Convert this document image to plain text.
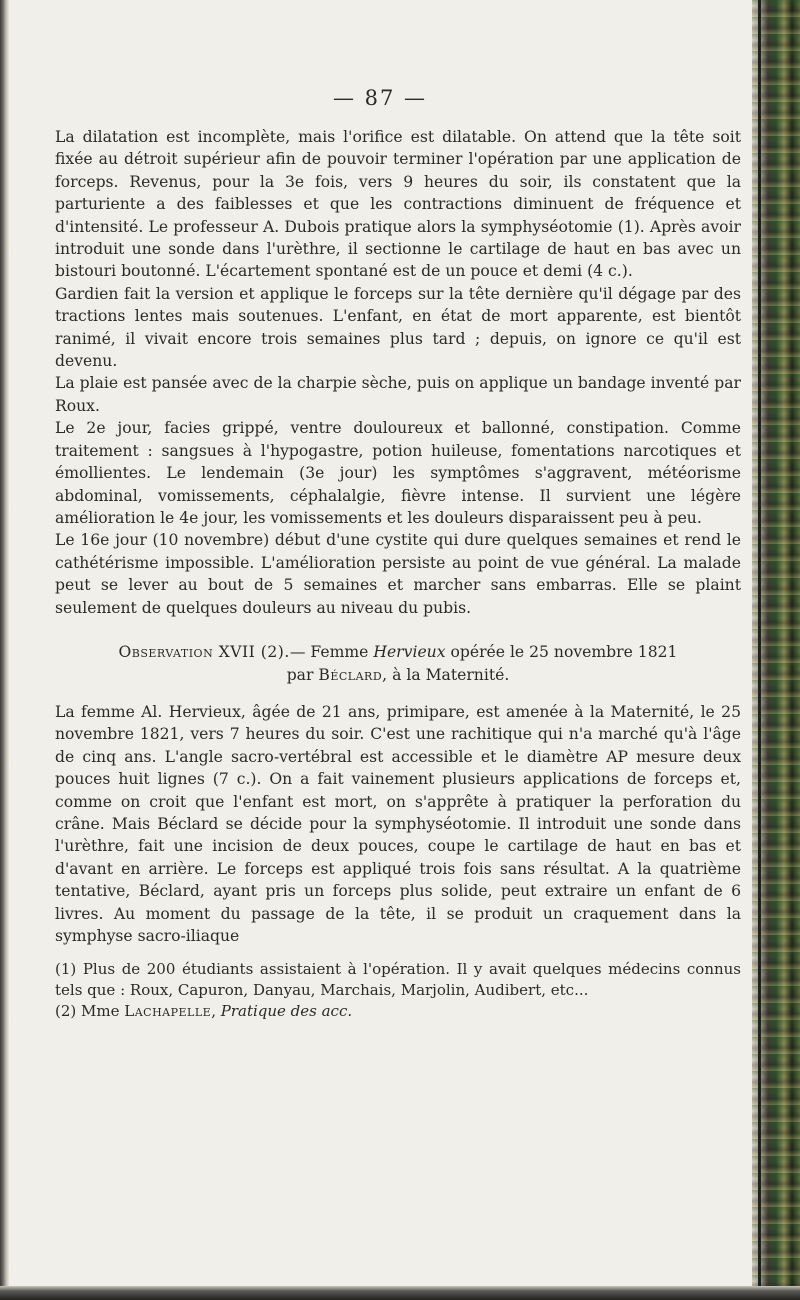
— 87 —

La dilatation est incomplète, mais l'orifice est dilatable. On attend que la tête soit fixée au détroit supérieur afin de pouvoir terminer l'opération par une application de forceps. Revenus, pour la 3e fois, vers 9 heures du soir, ils constatent que la parturiente a des faiblesses et que les contractions diminuent de fréquence et d'intensité. Le professeur A. Dubois pratique alors la symphyséotomie (1). Après avoir introduit une sonde dans l'urèthre, il sectionne le cartilage de haut en bas avec un bistouri boutonné. L'écartement spontané est de un pouce et demi (4 c.).

Gardien fait la version et applique le forceps sur la tête dernière qu'il dégage par des tractions lentes mais soutenues. L'enfant, en état de mort apparente, est bientôt ranimé, il vivait encore trois semaines plus tard ; depuis, on ignore ce qu'il est devenu.

La plaie est pansée avec de la charpie sèche, puis on applique un bandage inventé par Roux.

Le 2e jour, facies grippé, ventre douloureux et ballonné, constipation. Comme traitement : sangsues à l'hypogastre, potion huileuse, fomentations narcotiques et émollientes. Le lendemain (3e jour) les symptômes s'aggravent, météorisme abdominal, vomissements, céphalalgie, fièvre intense. Il survient une légère amélioration le 4e jour, les vomissements et les douleurs disparaissent peu à peu.

Le 16e jour (10 novembre) début d'une cystite qui dure quelques semaines et rend le cathétérisme impossible. L'amélioration persiste au point de vue général. La malade peut se lever au bout de 5 semaines et marcher sans embarras. Elle se plaint seulement de quelques douleurs au niveau du pubis.

Observation XVII (2).— Femme Hervieux opérée le 25 novembre 1821
par Béclard, à la Maternité.

La femme Al. Hervieux, âgée de 21 ans, primipare, est amenée à la Maternité, le 25 novembre 1821, vers 7 heures du soir. C'est une rachitique qui n'a marché qu'à l'âge de cinq ans. L'angle sacro-vertébral est accessible et le diamètre AP mesure deux pouces huit lignes (7 c.). On a fait vainement plusieurs applications de forceps et, comme on croit que l'enfant est mort, on s'apprête à pratiquer la perforation du crâne. Mais Béclard se décide pour la symphyséotomie. Il introduit une sonde dans l'urèthre, fait une incision de deux pouces, coupe le cartilage de haut en bas et d'avant en arrière. Le forceps est appliqué trois fois sans résultat. A la quatrième tentative, Béclard, ayant pris un forceps plus solide, peut extraire un enfant de 6 livres. Au moment du passage de la tête, il se produit un craquement dans la symphyse sacro-iliaque

(1) Plus de 200 étudiants assistaient à l'opération. Il y avait quelques médecins connus tels que : Roux, Capuron, Danyau, Marchais, Marjolin, Audibert, etc...

(2) Mme Lachapelle, Pratique des acc.
